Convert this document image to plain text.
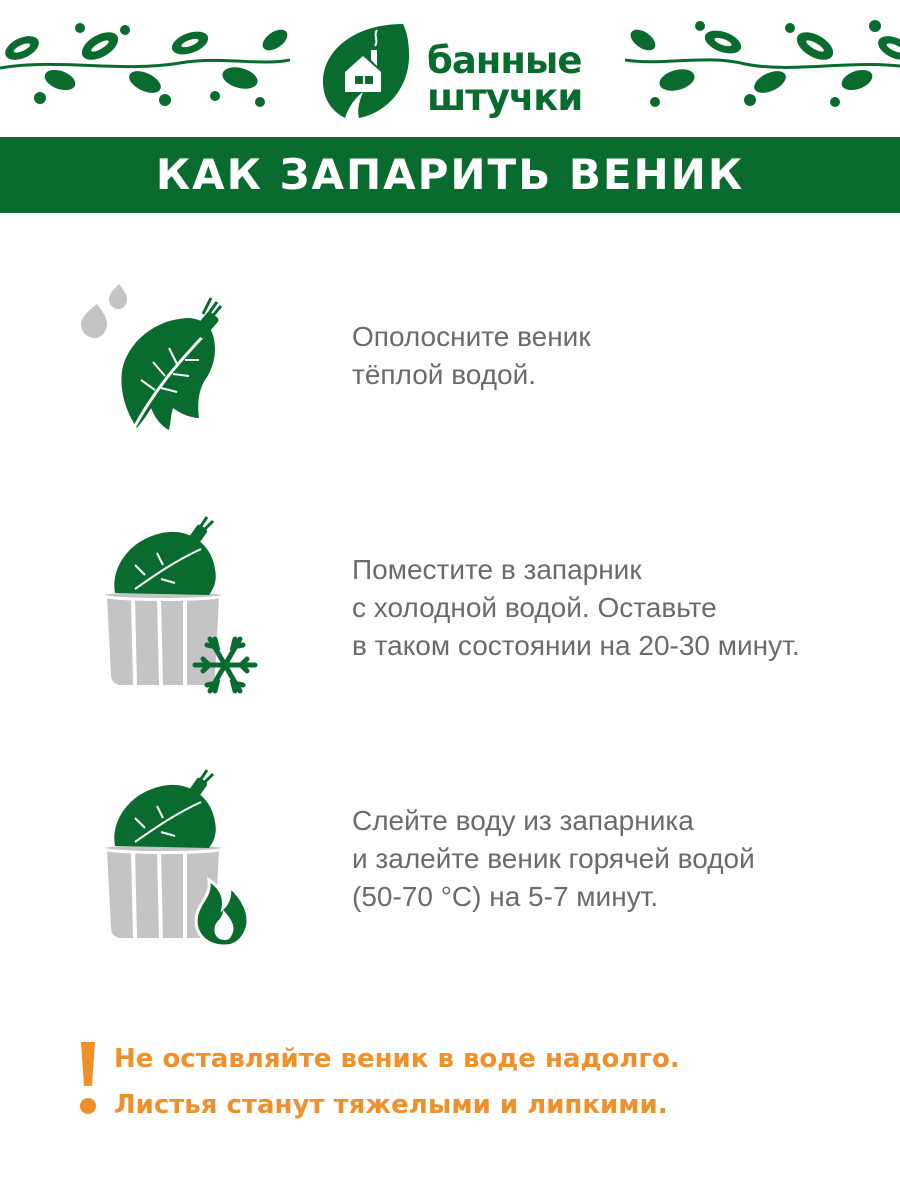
банные
штучки
КАК ЗАПАРИТЬ ВЕНИК
Ополосните веник
тёплой водой.
Поместите в запарник
с холодной водой. Оставьте
в таком состоянии на 20-30 минут.
Слейте воду из запарника
и залейте веник горячей водой
(50-70 °C) на 5-7 минут.
Не оставляйте веник в воде надолго.
Листья станут тяжелыми и липкими.
